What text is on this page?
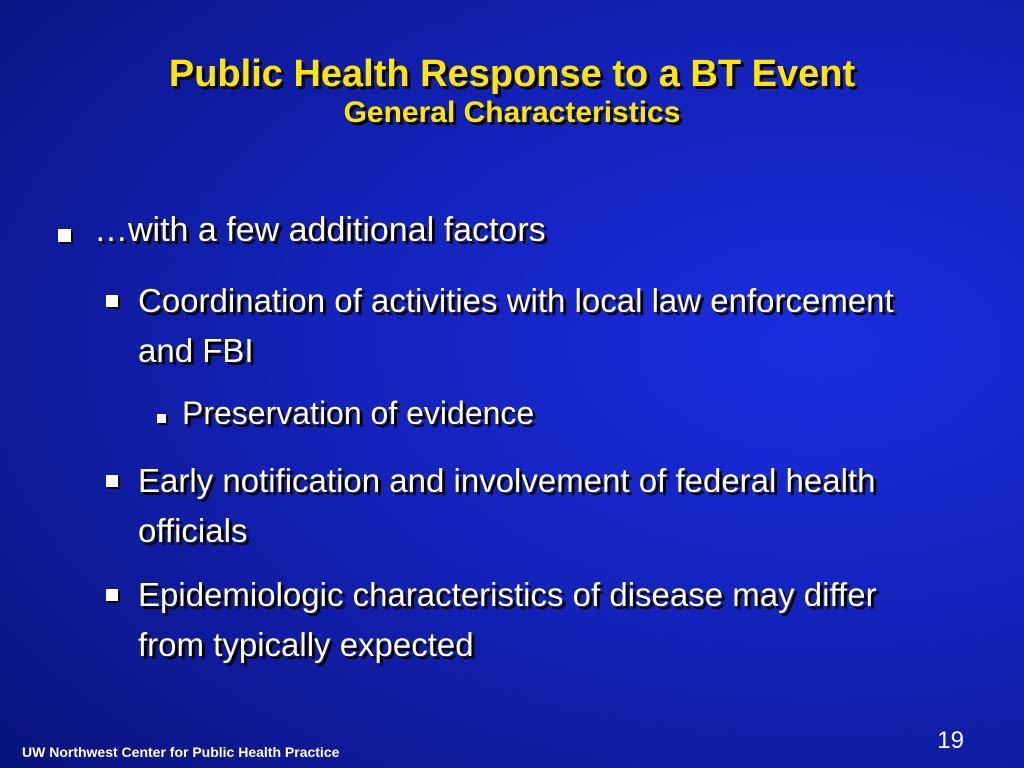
Public Health Response to a BT Event
General Characteristics
…with a few additional factors
Coordination of activities with local law enforcement and FBI
Preservation of evidence
Early notification and involvement of federal health officials
Epidemiologic characteristics of disease may differ from typically expected
UW Northwest Center for Public Health Practice	19
